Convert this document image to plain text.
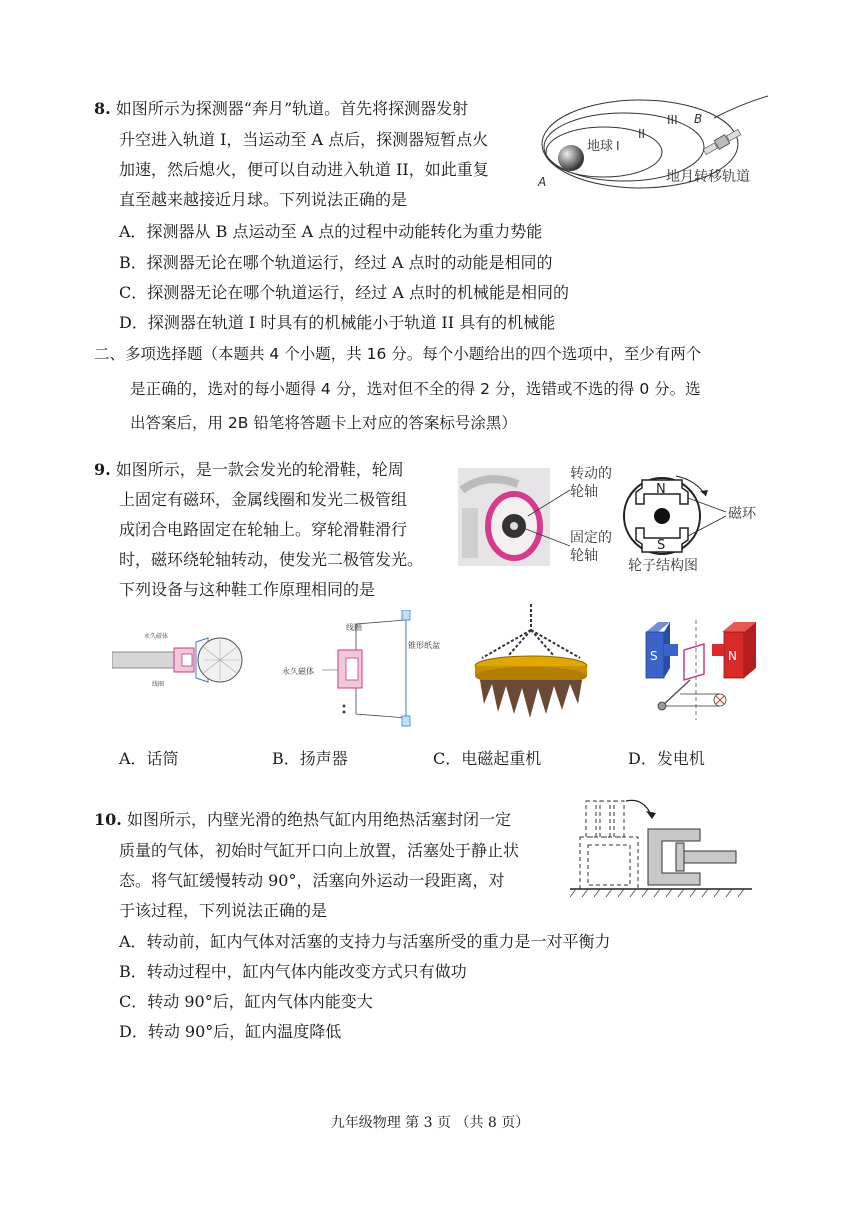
8. 如图所示为探测器“奔月”轨道。首先将探测器发射
升空进入轨道 I，当运动至 A 点后，探测器短暂点火
加速，然后熄火，便可以自动进入轨道 II，如此重复
直至越来越接近月球。下列说法正确的是
地球 I
II
III B
A	地月转移轨道
A．探测器从 B 点运动至 A 点的过程中动能转化为重力势能
B．探测器无论在哪个轨道运行，经过 A 点时的动能是相同的
C．探测器无论在哪个轨道运行，经过 A 点时的机械能是相同的
D．探测器在轨道 I 时具有的机械能小于轨道 II 具有的机械能
二、多项选择题（本题共 4 个小题，共 16 分。每个小题给出的四个选项中，至少有两个
是正确的，选对的每小题得 4 分，选对但不全的得 2 分，选错或不选的得 0 分。选
出答案后，用 2B 铅笔将答题卡上对应的答案标号涂黑）
9. 如图所示，是一款会发光的轮滑鞋，轮周
上固定有磁环，金属线圈和发光二极管组
成闭合电路固定在轮轴上。穿轮滑鞋滑行
时，磁环绕轮轴转动，使发光二极管发光。
下列设备与这种鞋工作原理相同的是
转动的
轮轴
固定的
轮轴
N
S
磁环
轮子结构图
永久磁体
线圈
线圈
永久磁体
锥形纸盆
S	N
A．话筒	B．扬声器	C．电磁起重机	D．发电机
10. 如图所示，内壁光滑的绝热气缸内用绝热活塞封闭一定
质量的气体，初始时气缸开口向上放置，活塞处于静止状
态。将气缸缓慢转动 90°，活塞向外运动一段距离，对
于该过程，下列说法正确的是
A．转动前，缸内气体对活塞的支持力与活塞所受的重力是一对平衡力
B．转动过程中，缸内气体内能改变方式只有做功
C．转动 90°后，缸内气体内能变大
D．转动 90°后，缸内温度降低
九年级物理 第 3 页 （共 8 页）
